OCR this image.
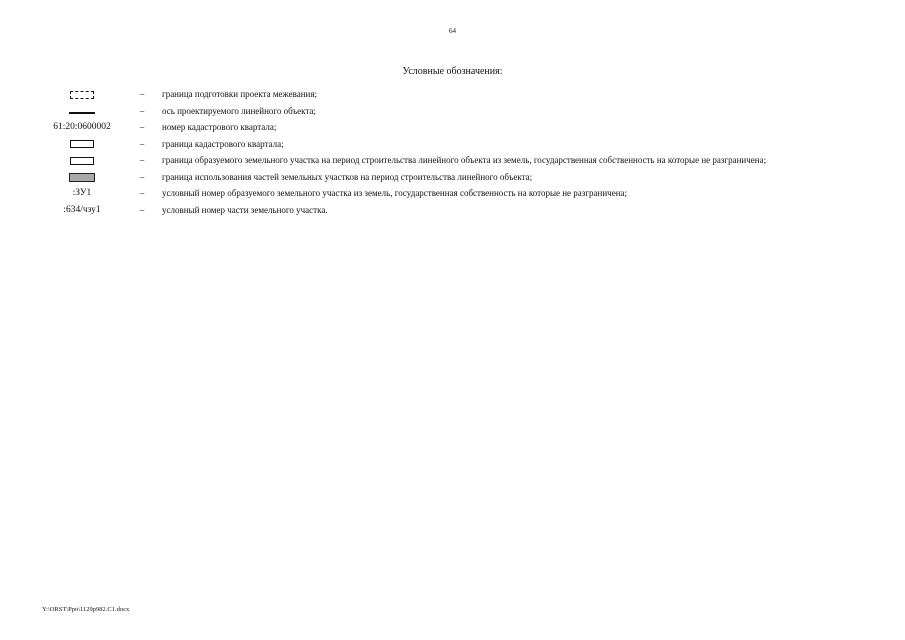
64
Условные обозначения:
–	граница подготовки проекта межевания;
–	ось проектируемого линейного объекта;
61:20:0600002	–	номер кадастрового квартала;
–	граница кадастрового квартала;
–	граница образуемого земельного участка на период строительства линейного объекта из земель, государственная собственность на которые не разграничена;
–	граница использования частей земельных участков на период строительства линейного объекта;
:ЗУ1	–	условный номер образуемого земельного участка из земель, государственная собственность на которые не разграничена;
:634/чзу1	–	условный номер части земельного участка.
Y:\ORST\Ppo\1129p982.C1.docx
